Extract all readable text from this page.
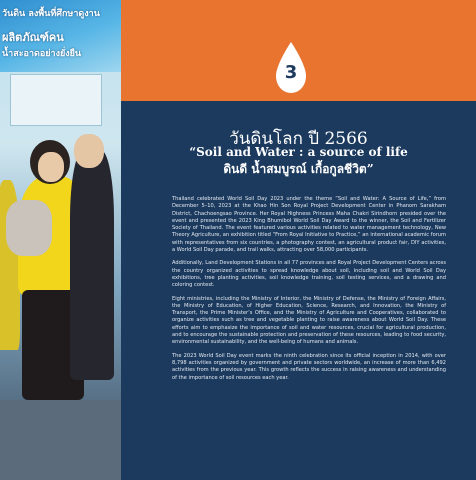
วันดิน ลงพื้นที่ศึกษาดูงาน
ผลิตภัณฑ์คน
น้ำสะอาดอย่างยั่งยืน
3
วันดินโลก ปี 2566
“Soil and Water : a source of life
ดินดี น้ำสมบูรณ์ เกื้อกูลชีวิต”

Thailand celebrated World Soil Day 2023 under the theme “Soil and Water: A Source of Life,” from December 5–10, 2023 at the Khao Hin Son Royal Project Development Center in Phanom Sarakham District, Chachoengsao Province. Her Royal Highness Princess Maha Chakri Sirindhorn presided over the event and presented the 2023 King Bhumibol World Soil Day Award to the winner, the Soil and Fertilizer Society of Thailand. The event featured various activities related to water management technology, New Theory Agriculture, an exhibition titled “From Royal Initiative to Practice,” an international academic forum with representatives from six countries, a photography contest, an agricultural product fair, DIY activities, a World Soil Day parade, and trail walks, attracting over 58,000 participants.

Additionally, Land Development Stations in all 77 provinces and Royal Project Development Centers across the country organized activities to spread knowledge about soil, including soil and World Soil Day exhibitions, tree planting activities, soil knowledge training, soil testing services, and a drawing and coloring contest.

Eight ministries, including the Ministry of Interior, the Ministry of Defense, the Ministry of Foreign Affairs, the Ministry of Education, of Higher Education, Science, Research, and Innovation, the Ministry of Transport, the Prime Minister’s Office, and the Ministry of Agriculture and Cooperatives, collaborated to organize activities such as tree and vegetable planting to raise awareness about World Soil Day. These efforts aim to emphasize the importance of soil and water resources, crucial for agricultural production, and to encourage the sustainable protection and preservation of these resources, leading to food security, environmental sustainability, and the well-being of humans and animals.

The 2023 World Soil Day event marks the ninth celebration since its official inception in 2014, with over 8,798 activities organized by government and private sectors worldwide, an increase of more than 6,492 activities from the previous year. This growth reflects the success in raising awareness and understanding of the importance of soil resources each year.
